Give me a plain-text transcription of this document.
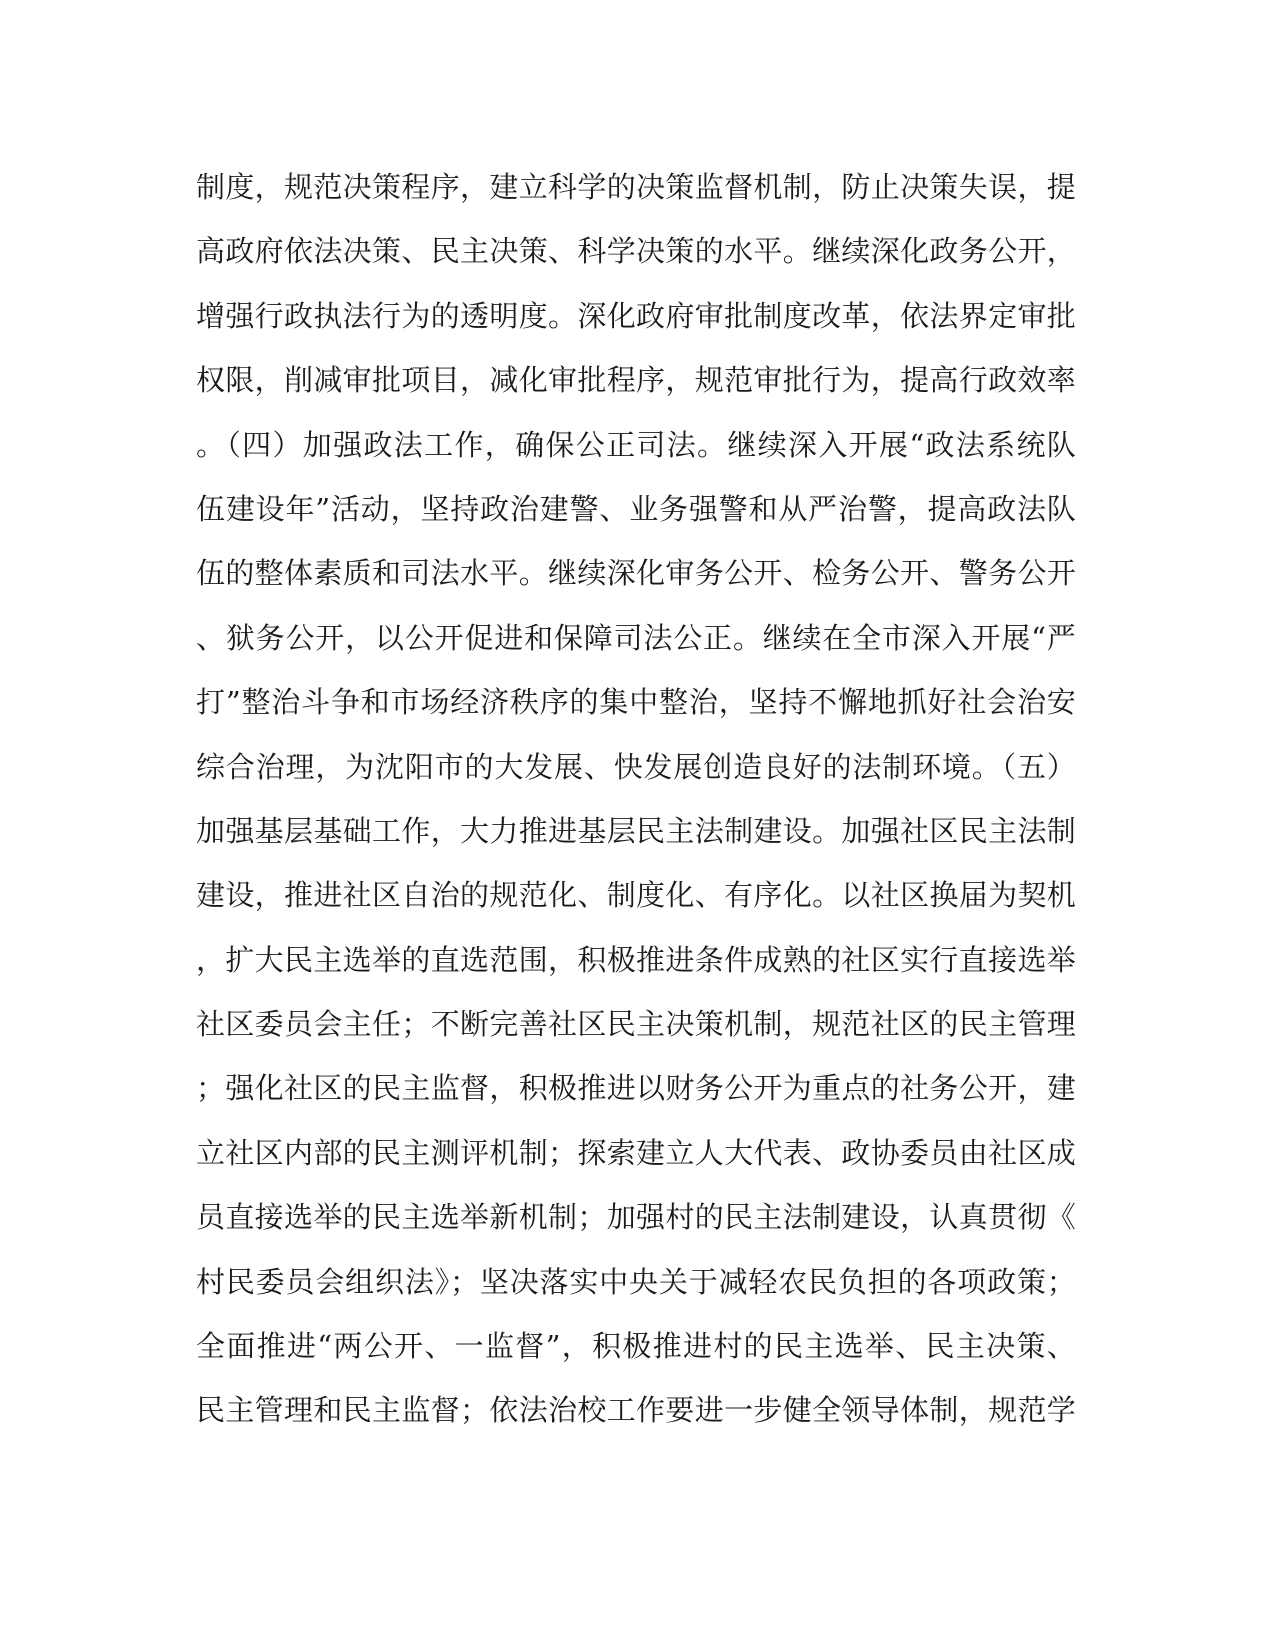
制度，规范决策程序，建立科学的决策监督机制，防止决策失误，提
高政府依法决策、民主决策、科学决策的水平。继续深化政务公开，
增强行政执法行为的透明度。深化政府审批制度改革，依法界定审批
权限，削减审批项目，减化审批程序，规范审批行为，提高行政效率
。（四）加强政法工作，确保公正司法。继续深入开展“政法系统队
伍建设年”活动，坚持政治建警、业务强警和从严治警，提高政法队
伍的整体素质和司法水平。继续深化审务公开、检务公开、警务公开
、狱务公开，以公开促进和保障司法公正。继续在全市深入开展“严
打”整治斗争和市场经济秩序的集中整治，坚持不懈地抓好社会治安
综合治理，为沈阳市的大发展、快发展创造良好的法制环境。（五）
加强基层基础工作，大力推进基层民主法制建设。加强社区民主法制
建设，推进社区自治的规范化、制度化、有序化。以社区换届为契机
，扩大民主选举的直选范围，积极推进条件成熟的社区实行直接选举
社区委员会主任；不断完善社区民主决策机制，规范社区的民主管理
；强化社区的民主监督，积极推进以财务公开为重点的社务公开，建
立社区内部的民主测评机制；探索建立人大代表、政协委员由社区成
员直接选举的民主选举新机制；加强村的民主法制建设，认真贯彻《
村民委员会组织法》；坚决落实中央关于减轻农民负担的各项政策；
全面推进“两公开、一监督”，积极推进村的民主选举、民主决策、
民主管理和民主监督；依法治校工作要进一步健全领导体制，规范学
